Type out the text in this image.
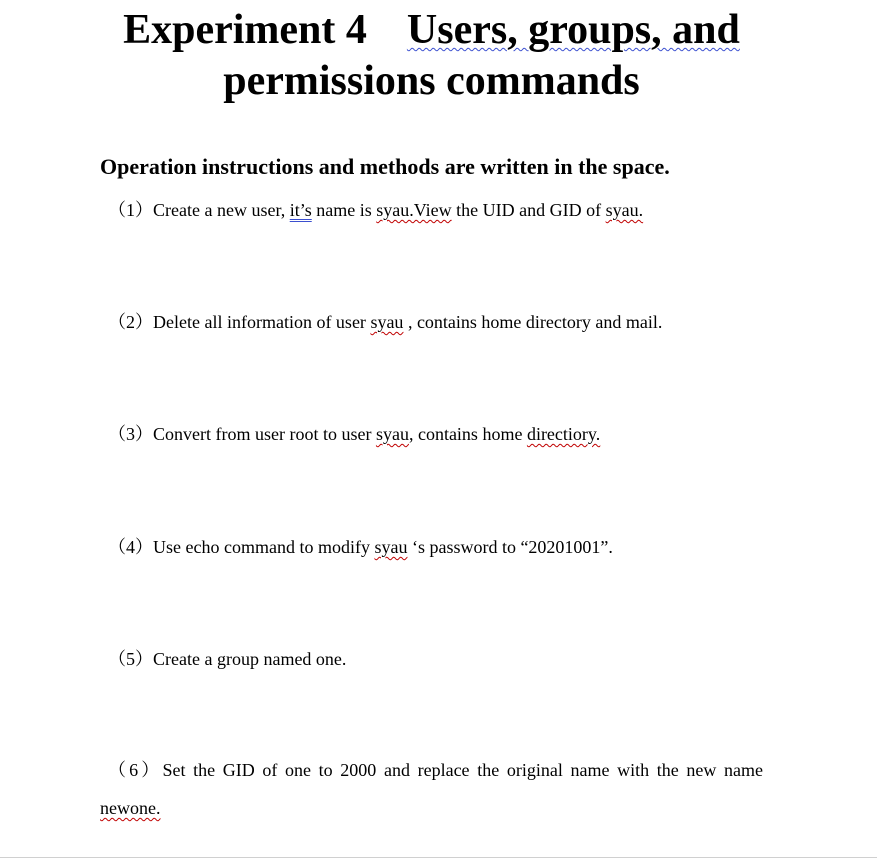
Experiment 4 Users, groups, and
permissions commands
Operation instructions and methods are written in the space.
（1）Create a new user, it’s name is syau.View the UID and GID of syau.
（2）Delete all information of user syau , contains home directory and mail.
（3）Convert from user root to user syau, contains home directiory.
（4）Use echo command to modify syau ‘s password to “20201001”.
（5）Create a group named one.
（6）Set the GID of one to 2000 and replace the original name with the new name
newone.
